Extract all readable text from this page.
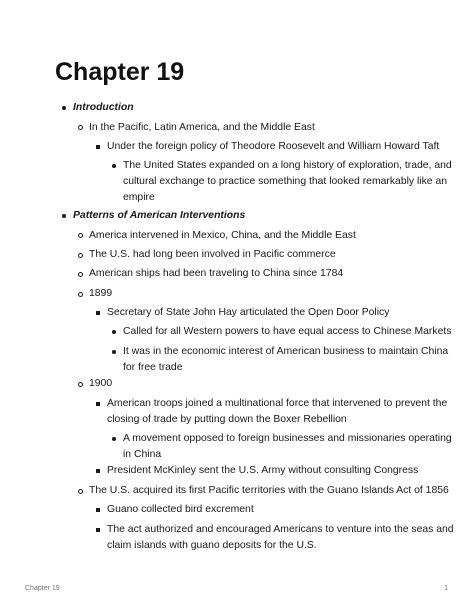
Chapter 19
Introduction
In the Pacific, Latin America, and the Middle East
Under the foreign policy of Theodore Roosevelt and William Howard Taft
The United States expanded on a long history of exploration, trade, and
cultural exchange to practice something that looked remarkably like an
empire
Patterns of American Interventions
America intervened in Mexico, China, and the Middle East
The U.S. had long been involved in Pacific commerce
American ships had been traveling to China since 1784
1899
Secretary of State John Hay articulated the Open Door Policy
Called for all Western powers to have equal access to Chinese Markets
It was in the economic interest of American business to maintain China
for free trade
1900
American troops joined a multinational force that intervened to prevent the
closing of trade by putting down the Boxer Rebellion
A movement opposed to foreign businesses and missionaries operating
in China
President McKinley sent the U.S. Army without consulting Congress
The U.S. acquired its first Pacific territories with the Guano Islands Act of 1856
Guano collected bird excrement
The act authorized and encouraged Americans to venture into the seas and
claim islands with guano deposits for the U.S.
Chapter 19	1
